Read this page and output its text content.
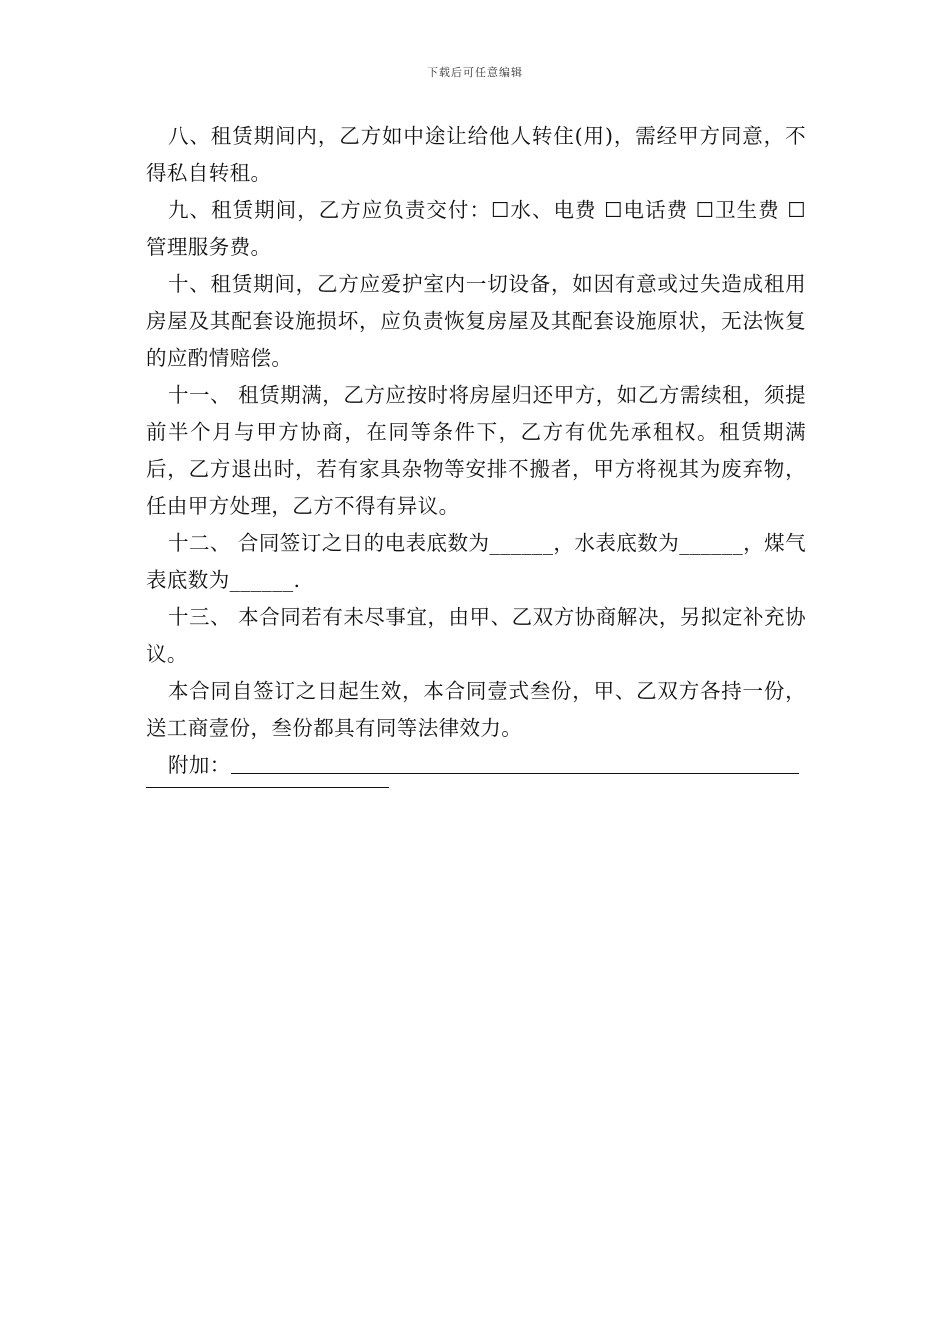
下载后可任意编辑

八、租赁期间内，乙方如中途让给他人转住(用)，需经甲方同意，不得私自转租。

九、租赁期间，乙方应负责交付：☐水、电费 ☐电话费 ☐卫生费 ☐管理服务费。

十、租赁期间，乙方应爱护室内一切设备，如因有意或过失造成租用房屋及其配套设施损坏，应负责恢复房屋及其配套设施原状，无法恢复的应酌情赔偿。

十一、 租赁期满，乙方应按时将房屋归还甲方，如乙方需续租，须提前半个月与甲方协商，在同等条件下，乙方有优先承租权。租赁期满后，乙方退出时，若有家具杂物等安排不搬者，甲方将视其为废弃物，任由甲方处理，乙方不得有异议。

十二、 合同签订之日的电表底数为______，水表底数为______，煤气表底数为______.

十三、 本合同若有未尽事宜，由甲、乙双方协商解决，另拟定补充协议。

本合同自签订之日起生效，本合同壹式叁份，甲、乙双方各持一份，送工商壹份，叁份都具有同等法律效力。

附加：
